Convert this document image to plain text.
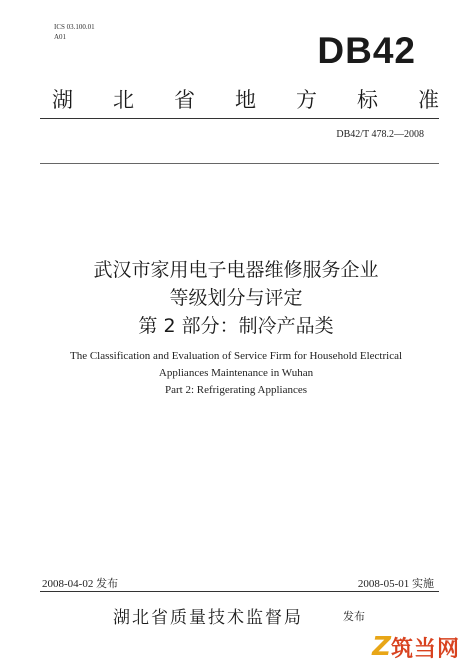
ICS 03.100.01
A01	DB42
湖 北 省 地 方 标 准
DB42/T 478.2—2008
武汉市家用电子电器维修服务企业
等级划分与评定
第 2 部分：制冷产品类
The Classification and Evaluation of Service Firm for Household Electrical
Appliances Maintenance in Wuhan
Part 2: Refrigerating Appliances
2008-04-02 发布	2008-05-01 实施
湖北省质量技术监督局	发布
Z 筑当网
